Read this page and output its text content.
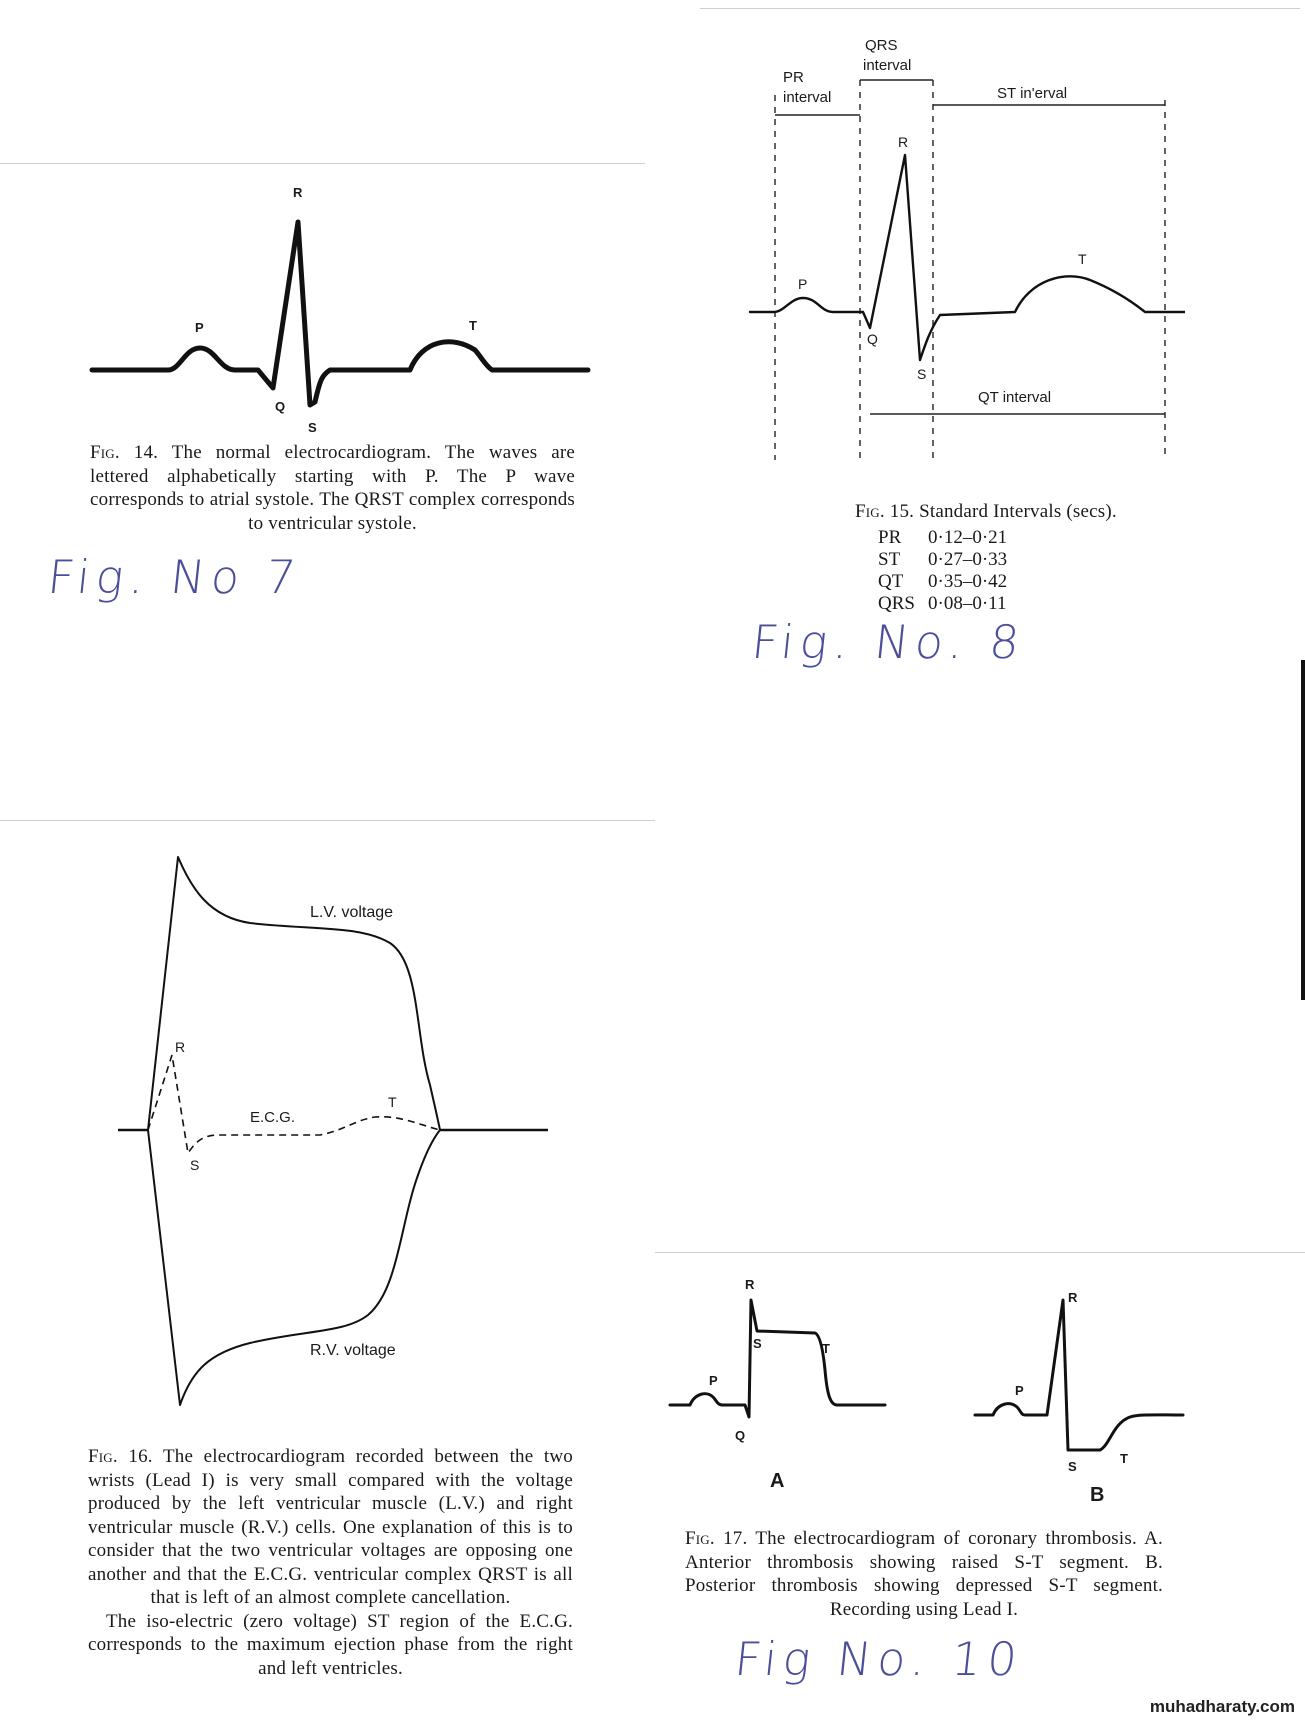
P
R
Q
S
T
Fig. 14. The normal electrocardiogram. The waves are lettered alphabetically starting with P. The P wave corresponds to atrial systole. The QRST complex corresponds to ventricular systole.
Fig. No 7
QRS
interval
PR
interval	ST in'erval
QT interval
P
Q
R
S
T
Fig. 15. Standard Intervals (secs).
PR	0·12–0·21
ST	0·27–0·33
QT	0·35–0·42
QRS 0·08–0·11
Fig. No. 8
L.V. voltage
R.V. voltage
E.C.G.
R
S
T
Fig. 16. The electrocardiogram recorded between the two wrists (Lead I) is very small compared with the voltage produced by the left ventricular muscle (L.V.) and right ventricular muscle (R.V.) cells. One explanation of this is to consider that the two ventricular voltages are opposing one another and that the E.C.G. ventricular complex QRST is all that is left of an almost complete cancellation.
The iso-electric (zero voltage) ST region of the E.C.G. corresponds to the maximum ejection phase from the right and left ventricles.
R
P
S	T
Q
A
R
P
S
T
B
Fig. 17. The electrocardiogram of coronary thrombosis. A. Anterior thrombosis showing raised S-T segment. B. Posterior thrombosis showing depressed S-T segment. Recording using Lead I.
Fig No. 10
muhadharaty.com
